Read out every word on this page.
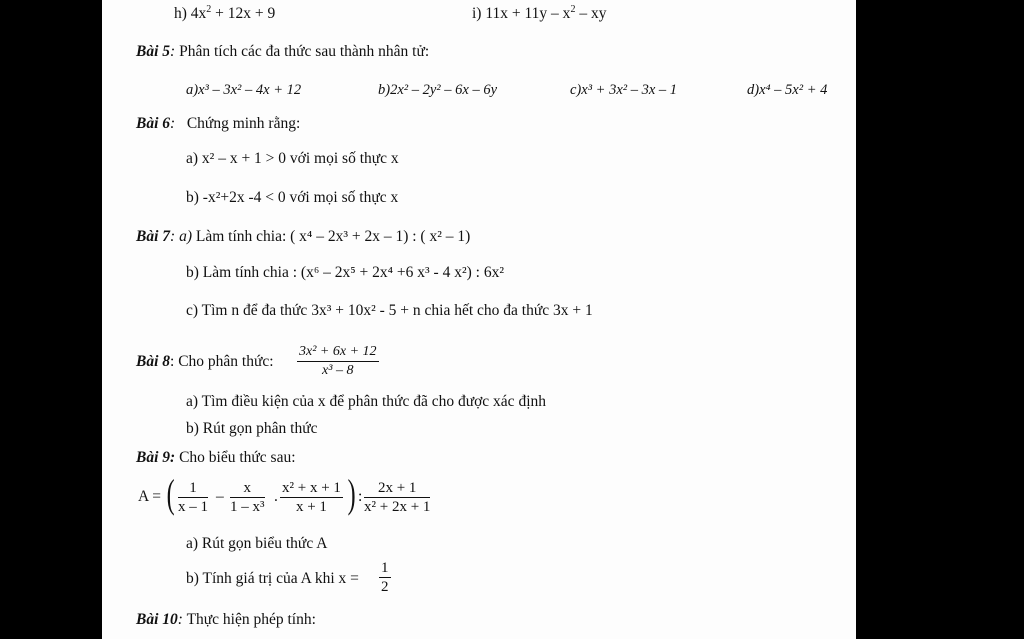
h) $4x^2 + 12x + 9$	i) $11x + 11y - x^2$ – xy
Bài 5: Phân tích các đa thức sau thành nhân tử:
a)x³ – 3x² – 4x + 12	b)2x² – 2y² – 6x – 6y	c)x³ + 3x² – 3x – 1	d)x⁴ – 5x² + 4
Bài 6: Chứng minh rằng:
a) x² – x + 1 > 0 với mọi số thực x
b) -x²+2x -4 < 0 với mọi số thực x
Bài 7: a) Làm tính chia: ( x⁴ – 2x³ + 2x – 1) : ( x² – 1)
b) Làm tính chia : (x⁶ – 2x⁵ + 2x⁴ +6 x³ - 4 x²) : 6x²
c) Tìm n để đa thức 3x³ + 10x² - 5 + n chia hết cho đa thức 3x + 1
Bài 8: Cho phân thức: $\frac{\text{3x² + 6x + 12}}{\text{x³ – 8}}$
a) Tìm điều kiện của x để phân thức đã cho được xác định
b) Rút gọn phân thức
Bài 9: Cho biểu thức sau:
A = ( $\frac{1}{x - 1} - \frac{x}{\text{1 – x³}}$ . $\frac{\text{x² + x + 1}}{x + 1}$ ) : $\frac{2x + 1}{\text{x² + 2x + 1}}$
a) Rút gọn biểu thức A
b) Tính giá trị của A khi $x = \frac{1}{2}$
Bài 10: Thực hiện phép tính:
